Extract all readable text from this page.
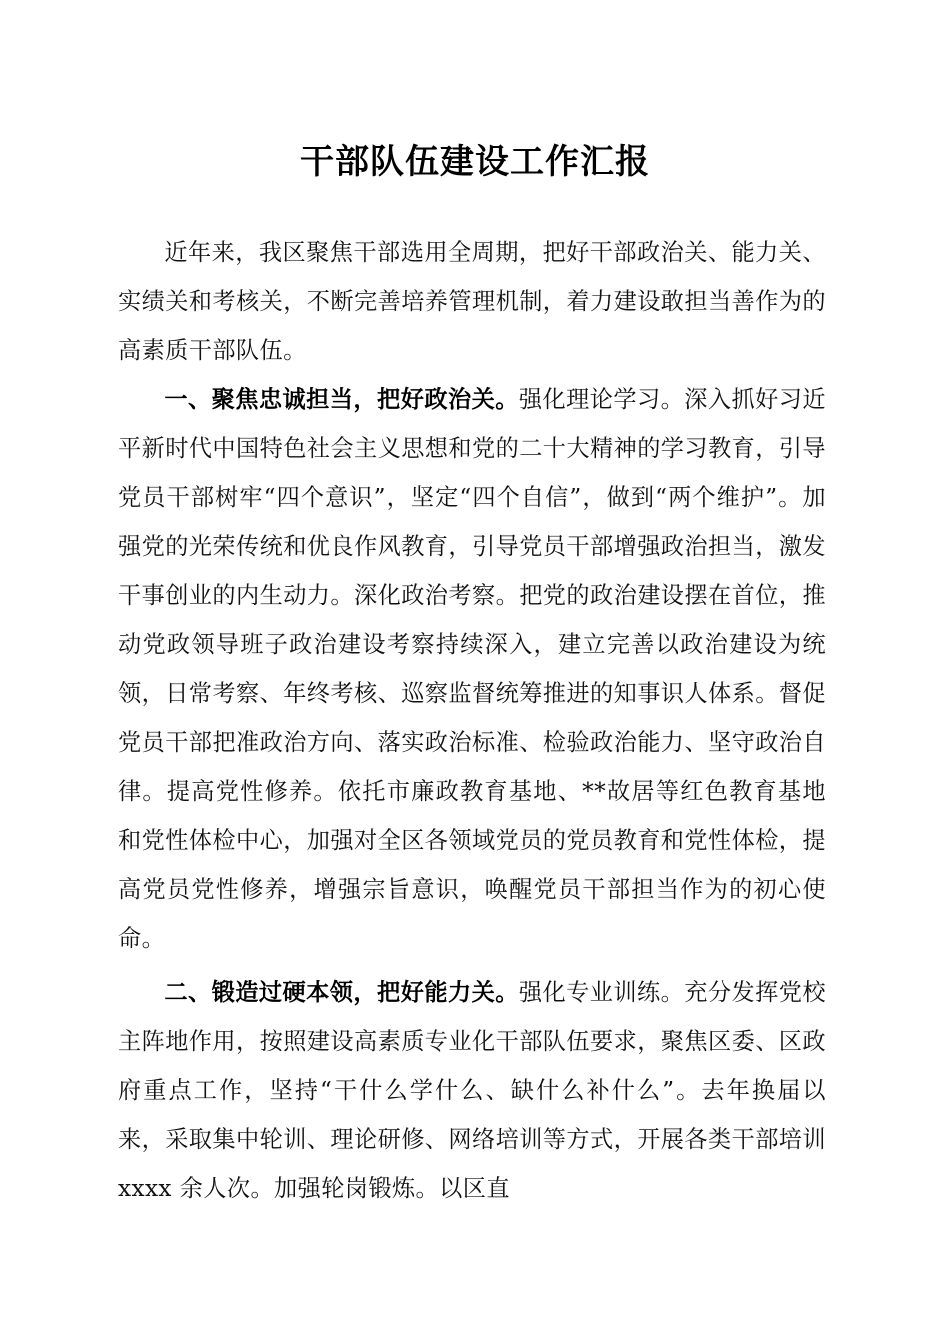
干部队伍建设工作汇报

近年来，我区聚焦干部选用全周期，把好干部政治关、能力关、实绩关和考核关，不断完善培养管理机制，着力建设敢担当善作为的高素质干部队伍。

一、聚焦忠诚担当，把好政治关。强化理论学习。深入抓好习近平新时代中国特色社会主义思想和党的二十大精神的学习教育，引导党员干部树牢“四个意识”，坚定“四个自信”，做到“两个维护”。加强党的光荣传统和优良作风教育，引导党员干部增强政治担当，激发干事创业的内生动力。深化政治考察。把党的政治建设摆在首位，推动党政领导班子政治建设考察持续深入，建立完善以政治建设为统领，日常考察、年终考核、巡察监督统筹推进的知事识人体系。督促党员干部把准政治方向、落实政治标准、检验政治能力、坚守政治自律。提高党性修养。依托市廉政教育基地、**故居等红色教育基地和党性体检中心，加强对全区各领域党员的党员教育和党性体检，提高党员党性修养，增强宗旨意识，唤醒党员干部担当作为的初心使命。

二、锻造过硬本领，把好能力关。强化专业训练。充分发挥党校主阵地作用，按照建设高素质专业化干部队伍要求，聚焦区委、区政府重点工作，坚持“干什么学什么、缺什么补什么”。去年换届以来，采取集中轮训、理论研修、网络培训等方式，开展各类干部培训 xxxx 余人次。加强轮岗锻炼。以区直
